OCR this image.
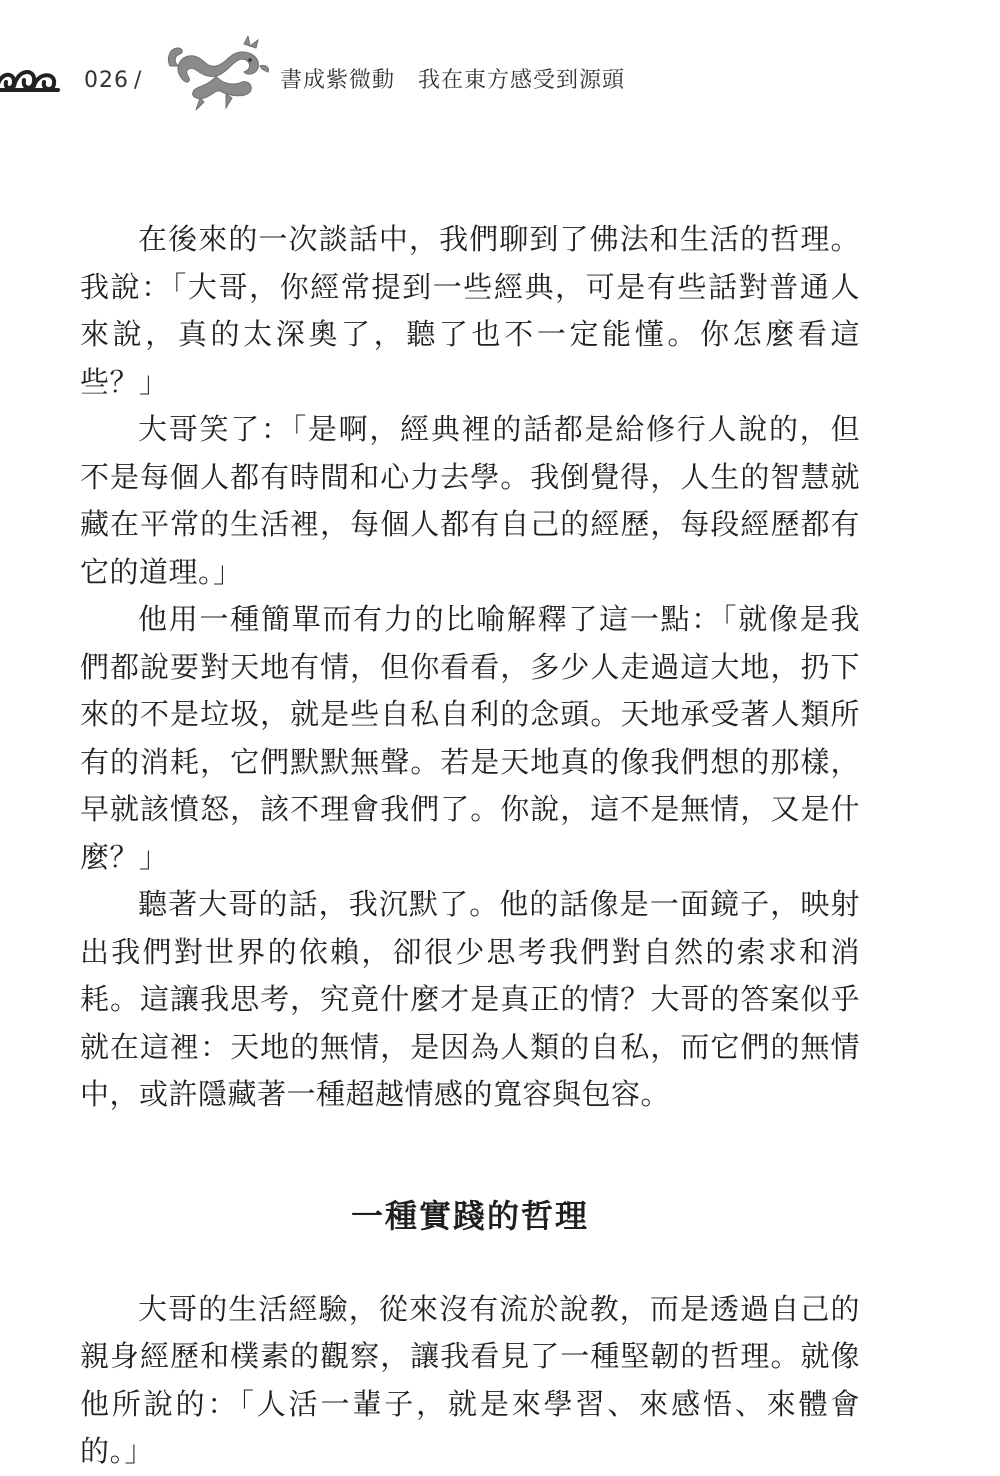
026 /	書成紫微動　我在東方感受到源頭

在後來的一次談話中，我們聊到了佛法和生活的哲理。我說：「大哥，你經常提到一些經典，可是有些話對普通人來說，真的太深奧了，聽了也不一定能懂。你怎麼看這些？」

大哥笑了：「是啊，經典裡的話都是給修行人說的，但不是每個人都有時間和心力去學。我倒覺得，人生的智慧就藏在平常的生活裡，每個人都有自己的經歷，每段經歷都有它的道理。」

他用一種簡單而有力的比喻解釋了這一點：「就像是我們都說要對天地有情，但你看看，多少人走過這大地，扔下來的不是垃圾，就是些自私自利的念頭。天地承受著人類所有的消耗，它們默默無聲。若是天地真的像我們想的那樣，早就該憤怒，該不理會我們了。你說，這不是無情，又是什麼？」

聽著大哥的話，我沉默了。他的話像是一面鏡子，映射出我們對世界的依賴，卻很少思考我們對自然的索求和消耗。這讓我思考，究竟什麼才是真正的情？大哥的答案似乎就在這裡：天地的無情，是因為人類的自私，而它們的無情中，或許隱藏著一種超越情感的寬容與包容。

一種實踐的哲理

大哥的生活經驗，從來沒有流於說教，而是透過自己的親身經歷和樸素的觀察，讓我看見了一種堅韌的哲理。就像他所說的：「人活一輩子，就是來學習、來感悟、來體會的。」
